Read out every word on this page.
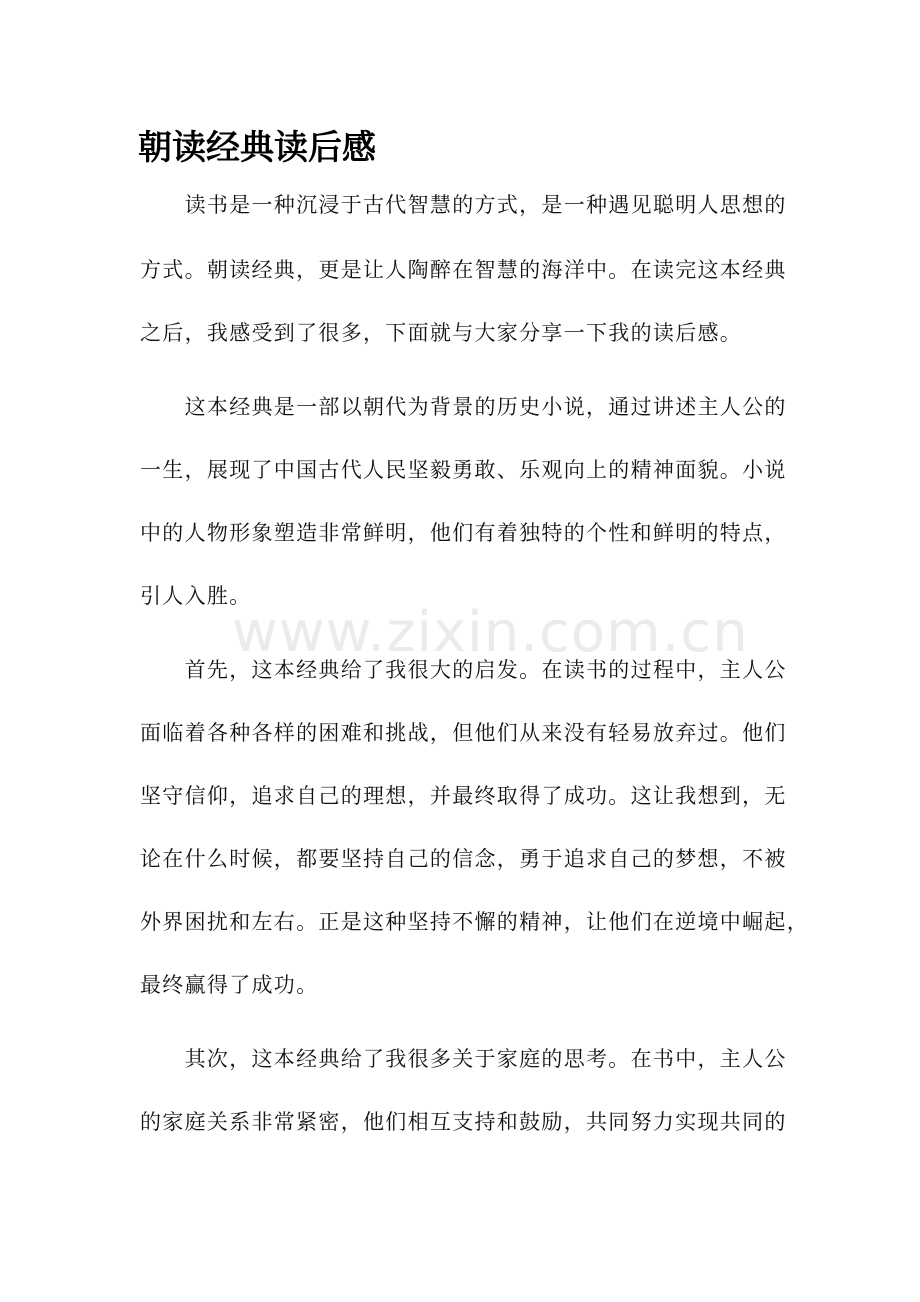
朝读经典读后感
www.zixin.com.cn

　　读书是一种沉浸于古代智慧的方式，是一种遇见聪明人思想的

方式。朝读经典，更是让人陶醉在智慧的海洋中。在读完这本经典

之后，我感受到了很多，下面就与大家分享一下我的读后感。

　　这本经典是一部以朝代为背景的历史小说，通过讲述主人公的

一生，展现了中国古代人民坚毅勇敢、乐观向上的精神面貌。小说

中的人物形象塑造非常鲜明，他们有着独特的个性和鲜明的特点，

引人入胜。

　　首先，这本经典给了我很大的启发。在读书的过程中，主人公

面临着各种各样的困难和挑战，但他们从来没有轻易放弃过。他们

坚守信仰，追求自己的理想，并最终取得了成功。这让我想到，无

论在什么时候，都要坚持自己的信念，勇于追求自己的梦想，不被

外界困扰和左右。正是这种坚持不懈的精神，让他们在逆境中崛起，

最终赢得了成功。

　　其次，这本经典给了我很多关于家庭的思考。在书中，主人公

的家庭关系非常紧密，他们相互支持和鼓励，共同努力实现共同的
